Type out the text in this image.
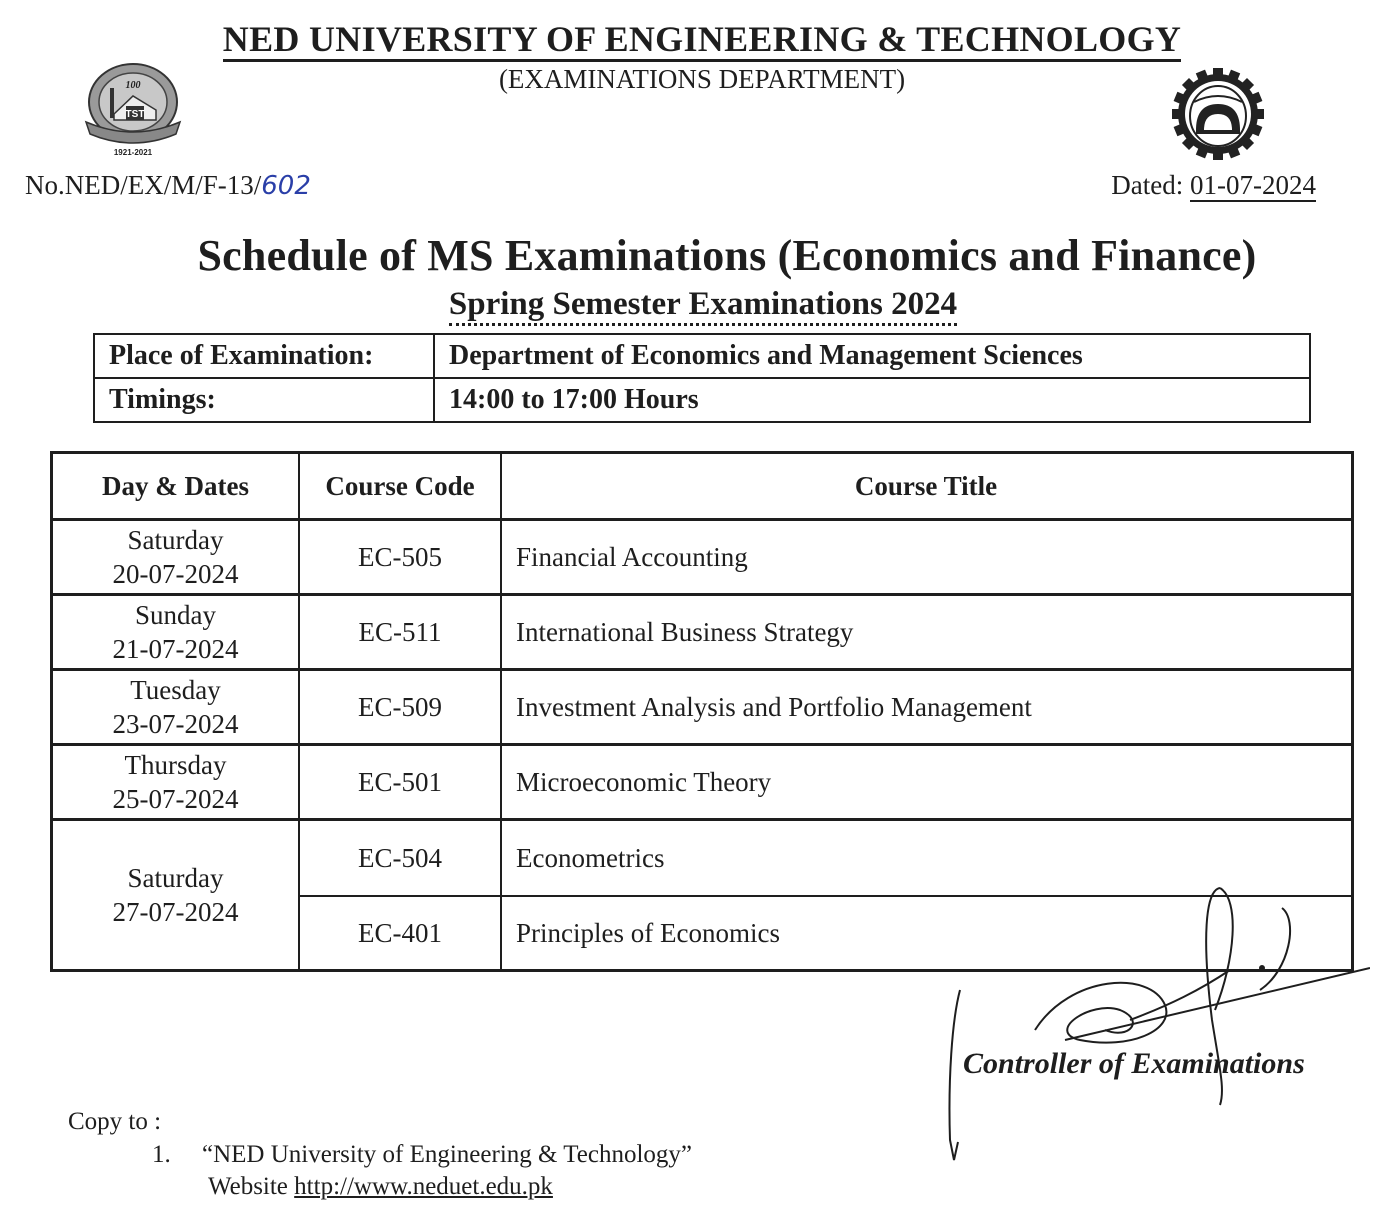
NED UNIVERSITY OF ENGINEERING & TECHNOLOGY
(EXAMINATIONS DEPARTMENT)
100
TST
1921-2021
No.NED/EX/M/F-13/602	Dated: 01-07-2024
Schedule of MS Examinations (Economics and Finance)
Spring Semester Examinations 2024
Place of Examination:	Department of Economics and Management Sciences
Timings:	14:00 to 17:00 Hours
Day & Dates	Course Code	Course Title

Saturday
20-07-2024	EC-505	Financial Accounting

Sunday
21-07-2024	EC-511	International Business Strategy

Tuesday
23-07-2024	EC-509	Investment Analysis and Portfolio Management

Thursday
25-07-2024	EC-501	Microeconomic Theory

Saturday
27-07-2024	EC-504	Econometrics
	EC-401	Principles of Economics
Controller of Examinations
Copy to :
1. “NED University of Engineering & Technology”
Website http://www.neduet.edu.pk
